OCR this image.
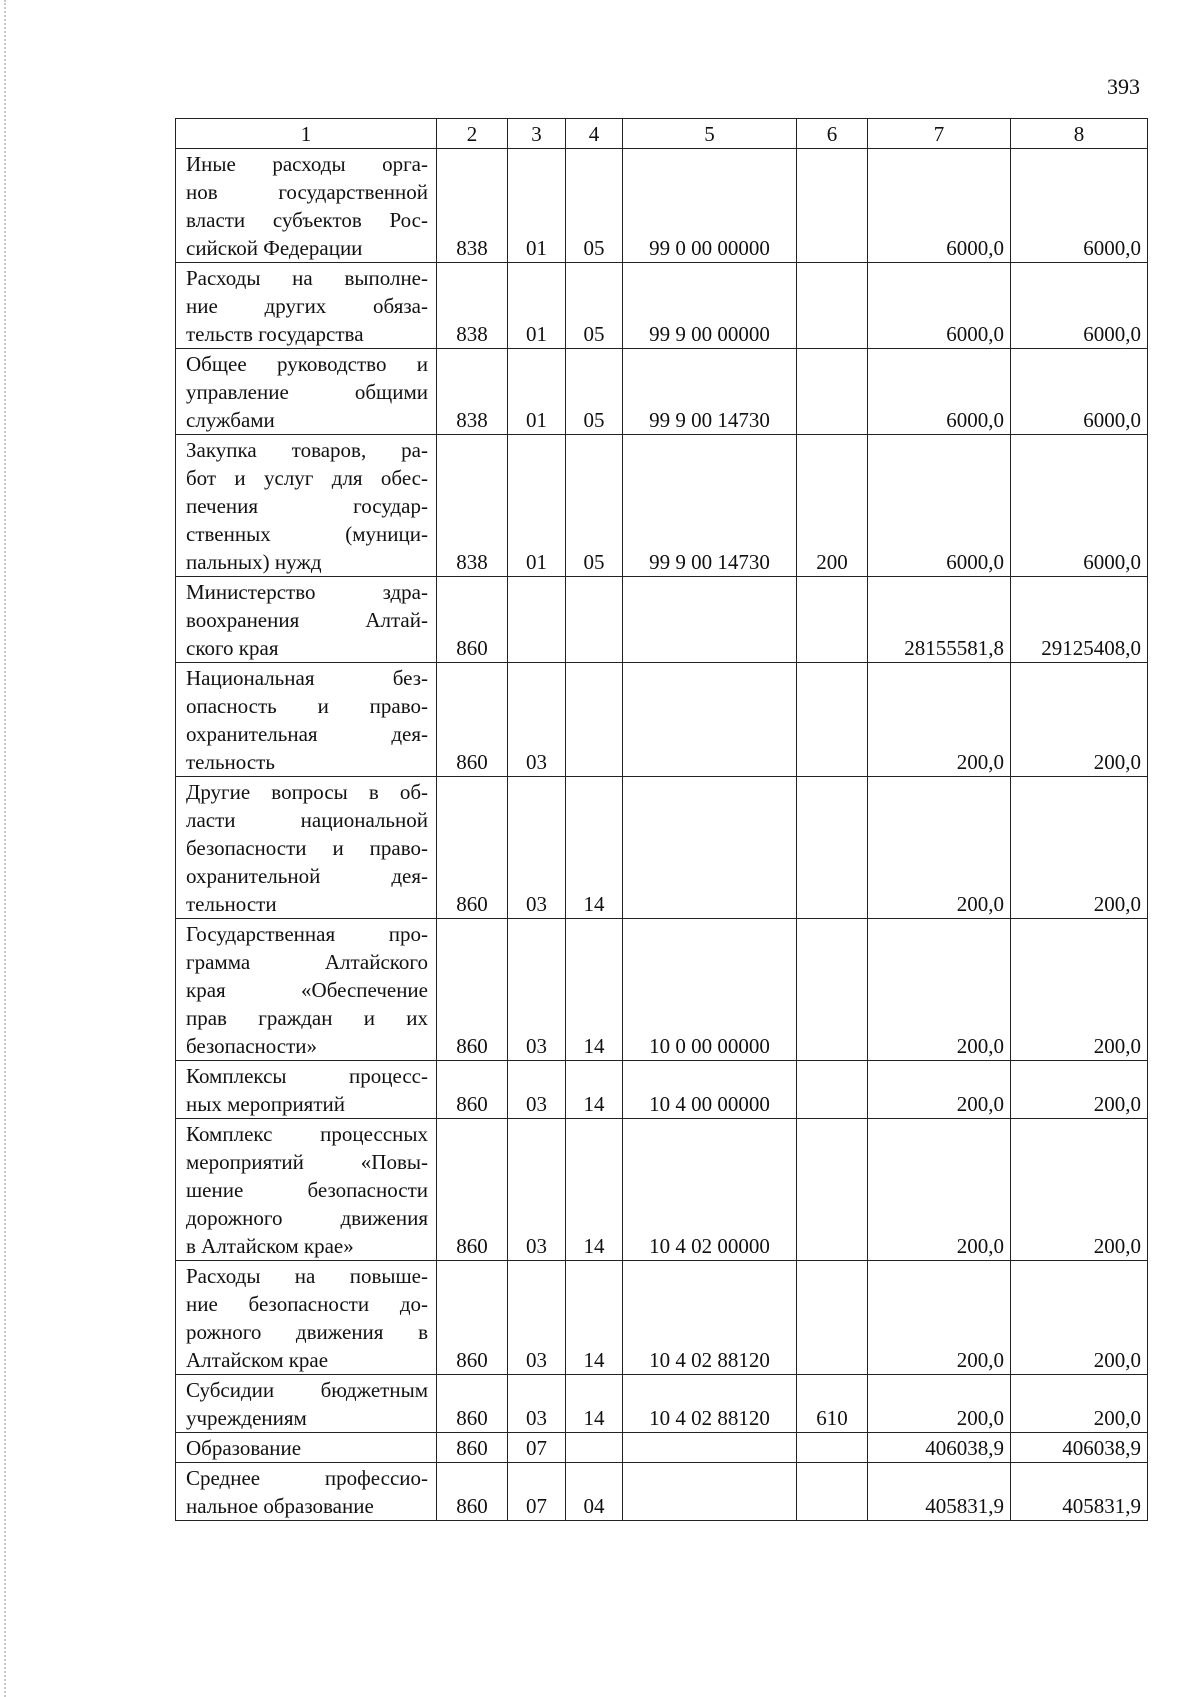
393
1	2	3	4	5	6	7	8

Иные расходы орга-
нов государственной
власти субъектов Рос-
сийской Федерации	838	01	05	99 0 00 00000		6000,0	6000,0

Расходы на выполне-
ние других обяза-
тельств государства	838	01	05	99 9 00 00000		6000,0	6000,0

Общее руководство и
управление общими
службами	838	01	05	99 9 00 14730		6000,0	6000,0

Закупка товаров, ра-
бот и услуг для обес-
печения государ-
ственных (муници-
пальных) нужд	838	01	05	99 9 00 14730	200	6000,0	6000,0

Министерство здра-
воохранения Алтай-
ского края	860					28155581,8	29125408,0

Национальная без-
опасность и право-
охранительная дея-
тельность	860	03				200,0	200,0

Другие вопросы в об-
ласти национальной
безопасности и право-
охранительной дея-
тельности	860	03	14			200,0	200,0

Государственная про-
грамма Алтайского
края «Обеспечение
прав граждан и их
безопасности»	860	03	14	10 0 00 00000		200,0	200,0

Комплексы процесс-
ных мероприятий	860	03	14	10 4 00 00000		200,0	200,0

Комплекс процессных
мероприятий «Повы-
шение безопасности
дорожного движения
в Алтайском крае»	860	03	14	10 4 02 00000		200,0	200,0

Расходы на повыше-
ние безопасности до-
рожного движения в
Алтайском крае	860	03	14	10 4 02 88120		200,0	200,0

Субсидии бюджетным
учреждениям	860	03	14	10 4 02 88120	610	200,0	200,0

Образование	860	07				406038,9	406038,9

Среднее профессио-
нальное образование	860	07	04			405831,9	405831,9
